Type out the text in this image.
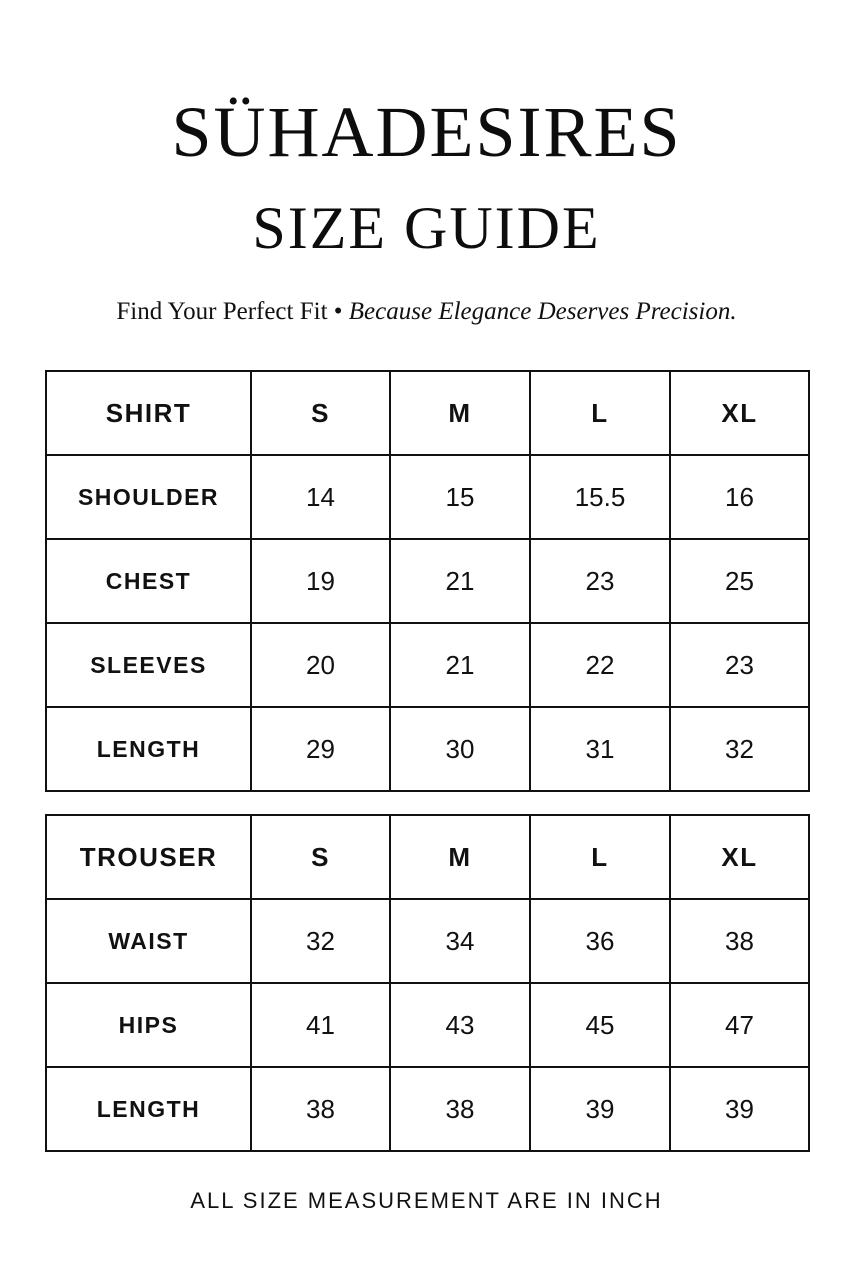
SÜHADESIRES
SIZE GUIDE
Find Your Perfect Fit • Because Elegance Deserves Precision.
SHIRT	S	M	L	XL
SHOULDER	14	15	15.5	16
CHEST	19	21	23	25
SLEEVES	20	21	22	23
LENGTH	29	30	31	32
TROUSER	S	M	L	XL
WAIST	32	34	36	38
HIPS	41	43	45	47
LENGTH	38	38	39	39
ALL SIZE MEASUREMENT ARE IN INCH
